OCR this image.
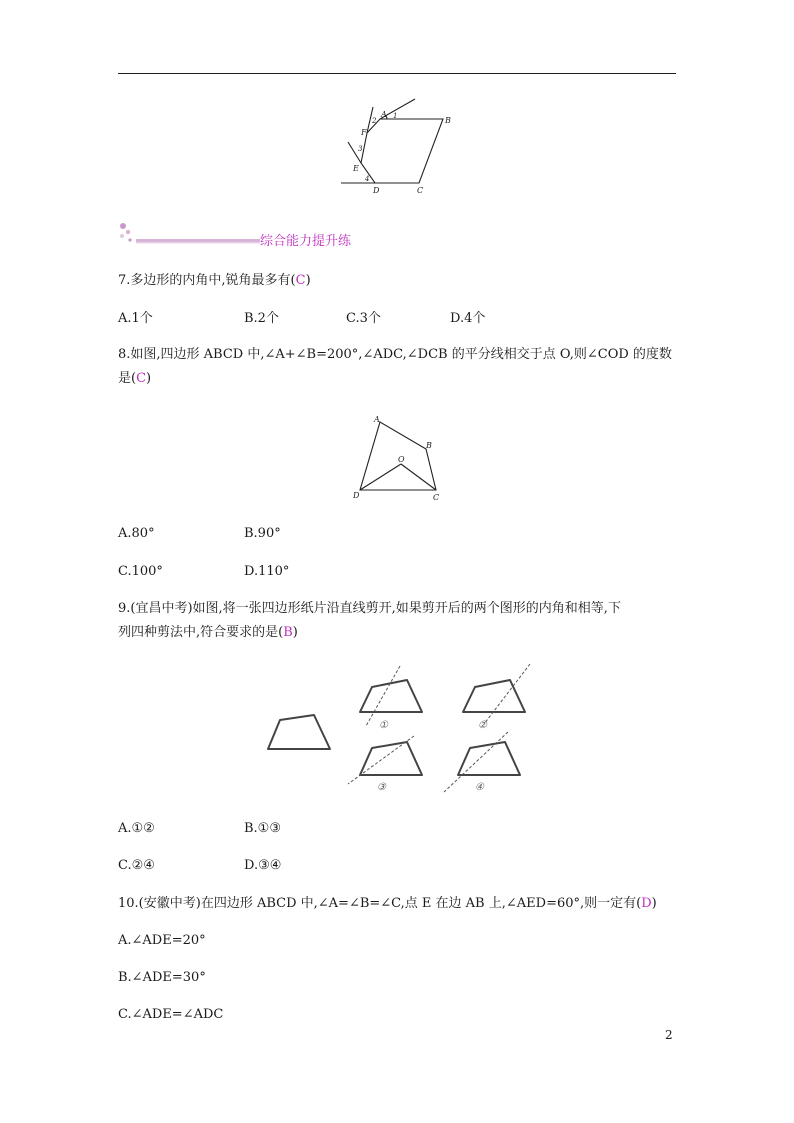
A
B
C
D
E
F
1
2
3
4
综合能力提升练
7.多边形的内角中,锐角最多有(C)
A.1个	B.2个	C.3个	D.4个
8.如图,四边形 ABCD 中,∠A+∠B=200°,∠ADC,∠DCB 的平分线相交于点 O,则∠COD 的度数
是(C)
A
B
C
D
O
A.80°	B.90°
C.100°	D.110°
9.(宜昌中考)如图,将一张四边形纸片沿直线剪开,如果剪开后的两个图形的内角和相等,下
列四种剪法中,符合要求的是(B)
①	②
③	④
A.①②	B.①③
C.②④	D.③④
10.(安徽中考)在四边形 ABCD 中,∠A=∠B=∠C,点 E 在边 AB 上,∠AED=60°,则一定有(D)
A.∠ADE=20°
B.∠ADE=30°
C.∠ADE=∠ADC
2
